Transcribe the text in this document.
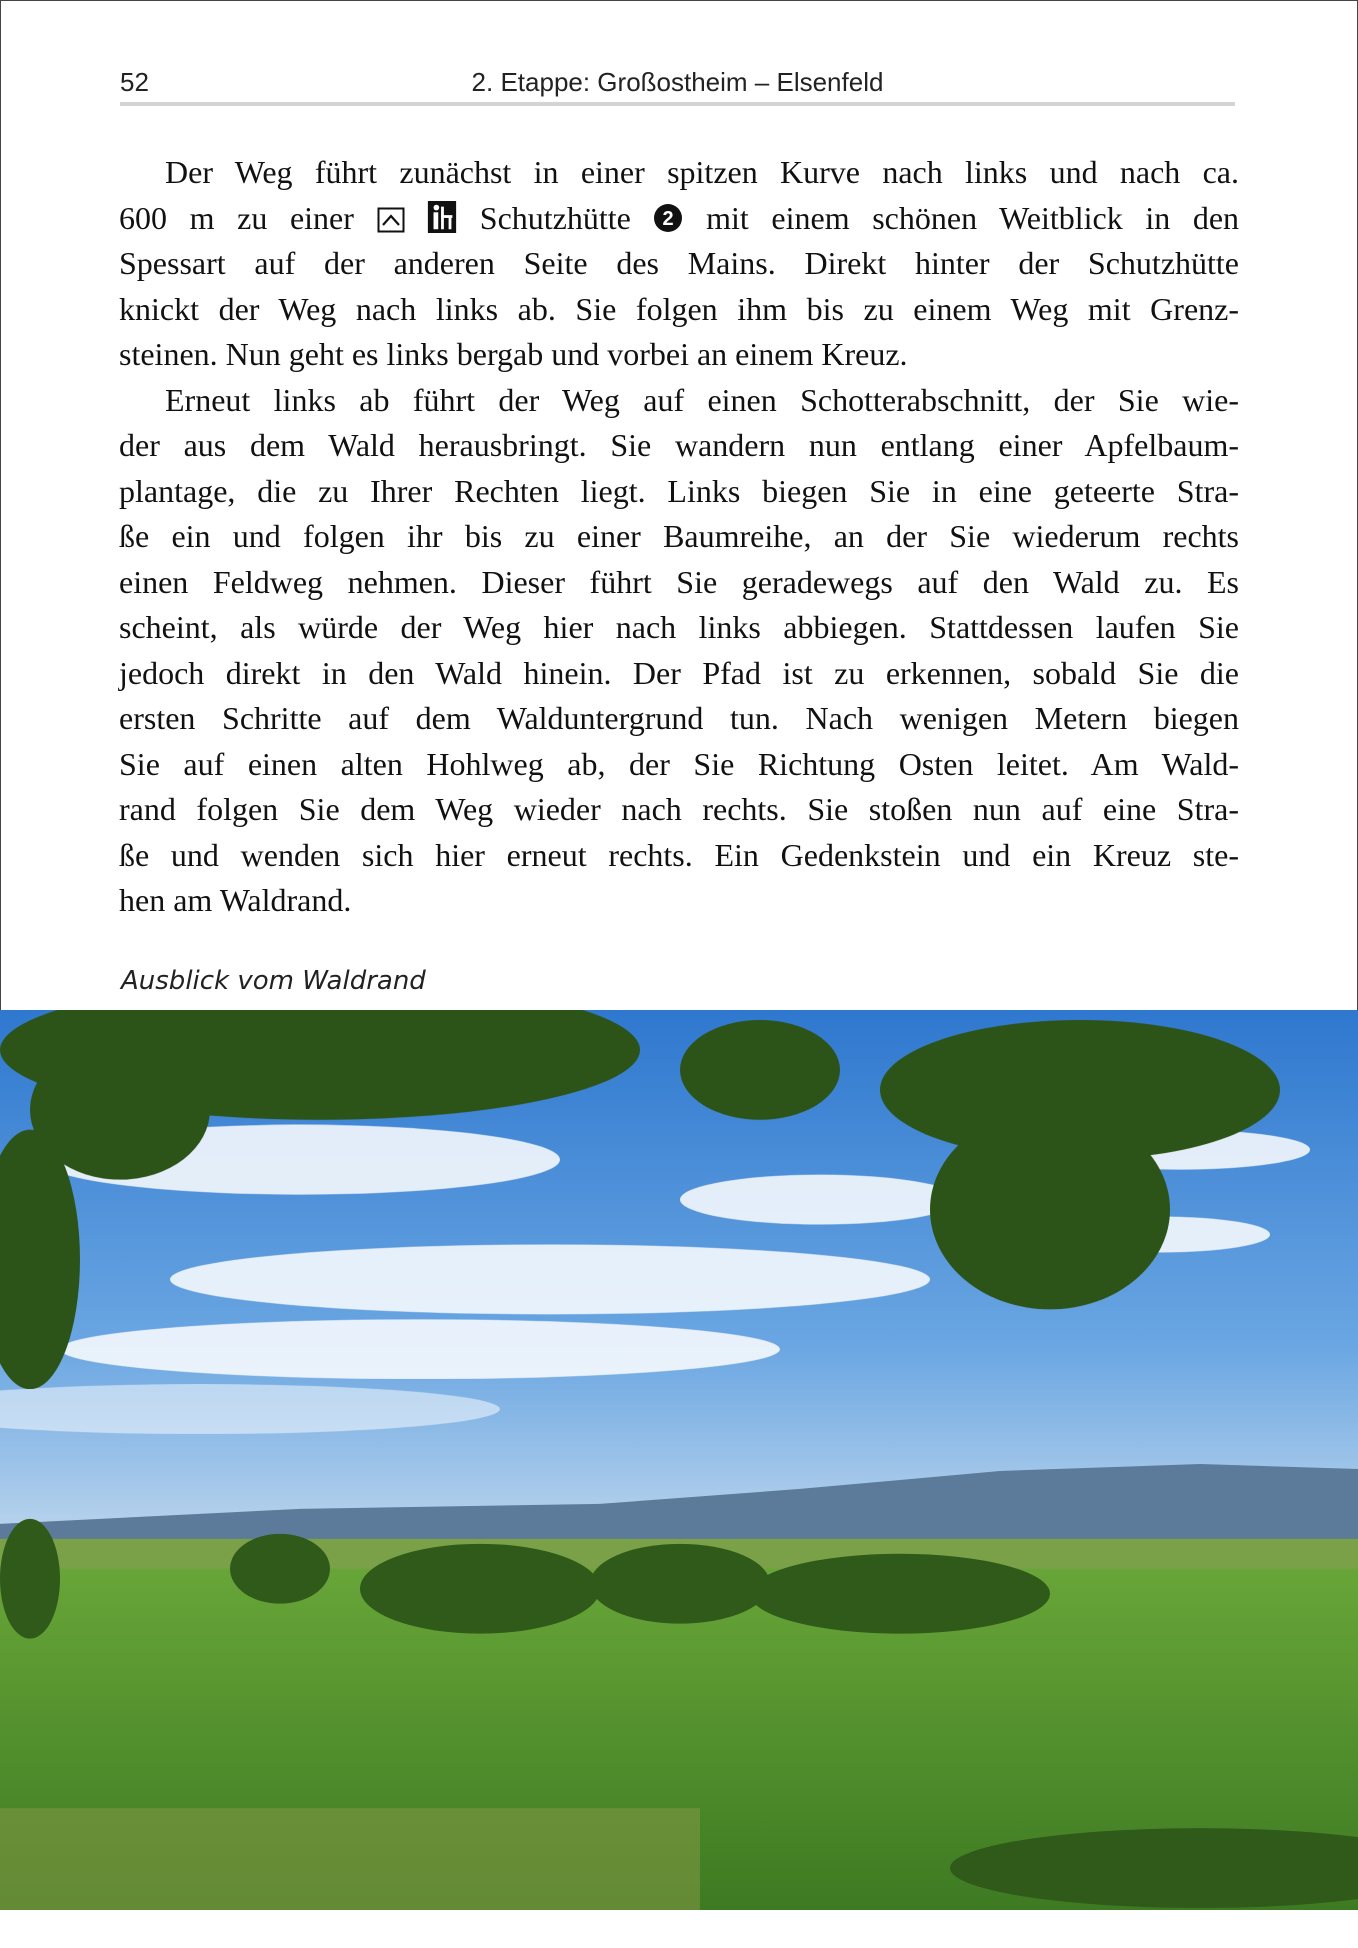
52	2. Etappe: Großostheim – Elsenfeld
Der Weg führt zunächst in einer spitzen Kurve nach links und nach ca.
600 m zu einer	Schutzhütte 2 mit einem schönen Weitblick in den
Spessart auf der anderen Seite des Mains. Direkt hinter der Schutzhütte
knickt der Weg nach links ab. Sie folgen ihm bis zu einem Weg mit Grenz-
steinen. Nun geht es links bergab und vorbei an einem Kreuz.
Erneut links ab führt der Weg auf einen Schotterabschnitt, der Sie wie-
der aus dem Wald herausbringt. Sie wandern nun entlang einer Apfelbaum-
plantage, die zu Ihrer Rechten liegt. Links biegen Sie in eine geteerte Stra-
ße ein und folgen ihr bis zu einer Baumreihe, an der Sie wiederum rechts
einen Feldweg nehmen. Dieser führt Sie geradewegs auf den Wald zu. Es
scheint, als würde der Weg hier nach links abbiegen. Stattdessen laufen Sie
jedoch direkt in den Wald hinein. Der Pfad ist zu erkennen, sobald Sie die
ersten Schritte auf dem Walduntergrund tun. Nach wenigen Metern biegen
Sie auf einen alten Hohlweg ab, der Sie Richtung Osten leitet. Am Wald-
rand folgen Sie dem Weg wieder nach rechts. Sie stoßen nun auf eine Stra-
ße und wenden sich hier erneut rechts. Ein Gedenkstein und ein Kreuz ste-
hen am Waldrand.
Ausblick vom Waldrand
